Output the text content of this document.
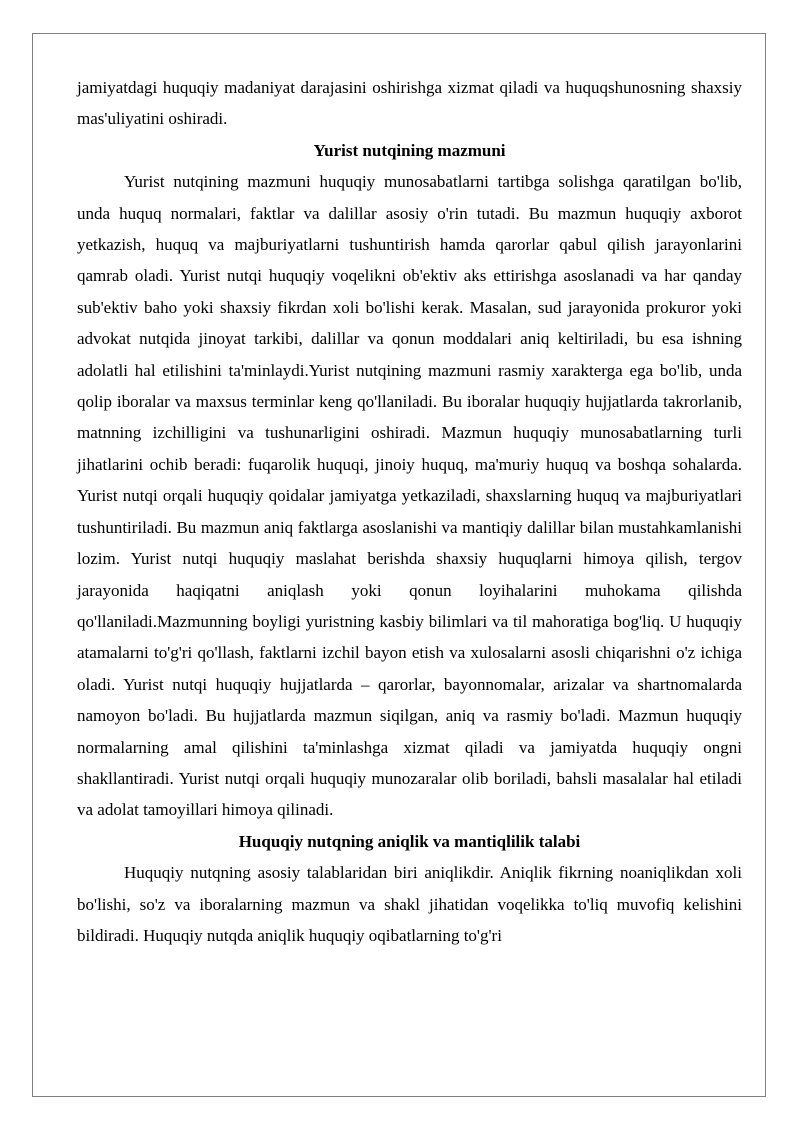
jamiyatdagi huquqiy madaniyat darajasini oshirishga xizmat qiladi va huquqshunosning shaxsiy mas'uliyatini oshiradi.

Yurist nutqining mazmuni

Yurist nutqining mazmuni huquqiy munosabatlarni tartibga solishga qaratilgan bo'lib, unda huquq normalari, faktlar va dalillar asosiy o'rin tutadi. Bu mazmun huquqiy axborot yetkazish, huquq va majburiyatlarni tushuntirish hamda qarorlar qabul qilish jarayonlarini qamrab oladi. Yurist nutqi huquqiy voqelikni ob'ektiv aks ettirishga asoslanadi va har qanday sub'ektiv baho yoki shaxsiy fikrdan xoli bo'lishi kerak. Masalan, sud jarayonida prokuror yoki advokat nutqida jinoyat tarkibi, dalillar va qonun moddalari aniq keltiriladi, bu esa ishning adolatli hal etilishini ta'minlaydi.Yurist nutqining mazmuni rasmiy xarakterga ega bo'lib, unda qolip iboralar va maxsus terminlar keng qo'llaniladi. Bu iboralar huquqiy hujjatlarda takrorlanib, matnning izchilligini va tushunarligini oshiradi. Mazmun huquqiy munosabatlarning turli jihatlarini ochib beradi: fuqarolik huquqi, jinoiy huquq, ma'muriy huquq va boshqa sohalarda. Yurist nutqi orqali huquqiy qoidalar jamiyatga yetkaziladi, shaxslarning huquq va majburiyatlari tushuntiriladi. Bu mazmun aniq faktlarga asoslanishi va mantiqiy dalillar bilan mustahkamlanishi lozim. Yurist nutqi huquqiy maslahat berishda shaxsiy huquqlarni himoya qilish, tergov jarayonida haqiqatni aniqlash yoki qonun loyihalarini muhokama qilishda qo'llaniladi.Mazmunning boyligi yuristning kasbiy bilimlari va til mahoratiga bog'liq. U huquqiy atamalarni to'g'ri qo'llash, faktlarni izchil bayon etish va xulosalarni asosli chiqarishni o'z ichiga oladi. Yurist nutqi huquqiy hujjatlarda – qarorlar, bayonnomalar, arizalar va shartnomalarda namoyon bo'ladi. Bu hujjatlarda mazmun siqilgan, aniq va rasmiy bo'ladi. Mazmun huquqiy normalarning amal qilishini ta'minlashga xizmat qiladi va jamiyatda huquqiy ongni shakllantiradi. Yurist nutqi orqali huquqiy munozaralar olib boriladi, bahsli masalalar hal etiladi va adolat tamoyillari himoya qilinadi.

Huquqiy nutqning aniqlik va mantiqlilik talabi

Huquqiy nutqning asosiy talablaridan biri aniqlikdir. Aniqlik fikrning noaniqlikdan xoli bo'lishi, so'z va iboralarning mazmun va shakl jihatidan voqelikka to'liq muvofiq kelishini bildiradi. Huquqiy nutqda aniqlik huquqiy oqibatlarning to'g'ri
